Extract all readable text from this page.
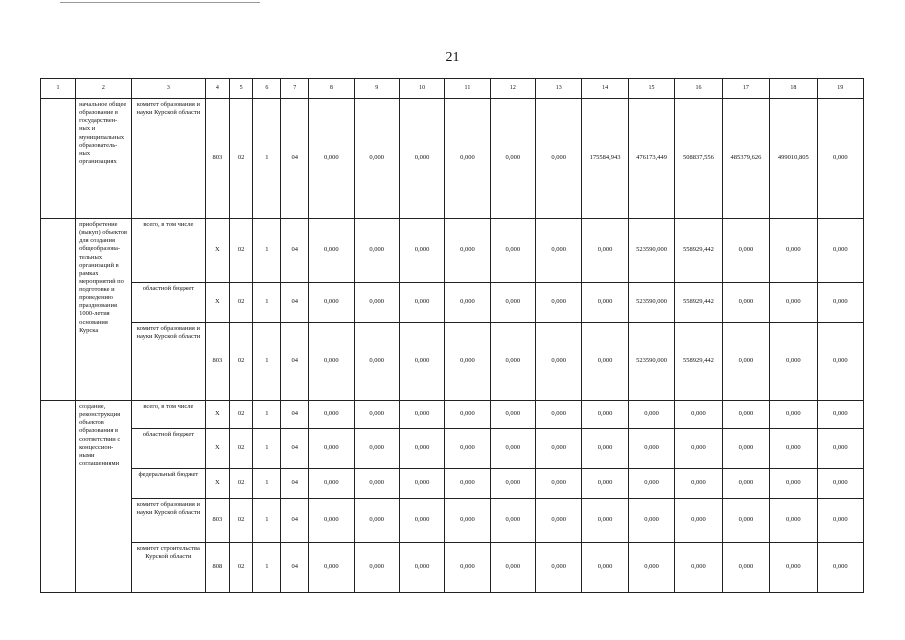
21
1	2	3	4	5	6	7	8	9	10	11	12	13	14	15	16	17	18	19
	начальное общее образование в государствен- ных и муниципальных образователь- ных организациях	комитет образования и науки Курской области	803	02	1	04	0,000	0,000	0,000	0,000	0,000	0,000	175584,943	476173,449	508837,556	485379,626	499010,805	0,000
	приобретение (выкуп) объектов для создания общеобразова- тельных организаций в рамках мероприятий по подготовке и проведению празднования 1000-летия основания Курска	всего, в том числе	X	02	1	04	0,000	0,000	0,000	0,000	0,000	0,000	0,000	523590,000	558929,442	0,000	0,000	0,000
		областной бюджет	X	02	1	04	0,000	0,000	0,000	0,000	0,000	0,000	0,000	523590,000	558929,442	0,000	0,000	0,000
		комитет образования и науки Курской области	803	02	1	04	0,000	0,000	0,000	0,000	0,000	0,000	0,000	523590,000	558929,442	0,000	0,000	0,000
	создание, реконструкция объектов образования в соответствии с концессион- ными соглашениями	всего, в том числе	X	02	1	04	0,000	0,000	0,000	0,000	0,000	0,000	0,000	0,000	0,000	0,000	0,000	0,000
		областной бюджет	X	02	1	04	0,000	0,000	0,000	0,000	0,000	0,000	0,000	0,000	0,000	0,000	0,000	0,000
		федеральный бюджет	X	02	1	04	0,000	0,000	0,000	0,000	0,000	0,000	0,000	0,000	0,000	0,000	0,000	0,000
		комитет образования и науки Курской области	803	02	1	04	0,000	0,000	0,000	0,000	0,000	0,000	0,000	0,000	0,000	0,000	0,000	0,000
		комитет строительства Курской области	808	02	1	04	0,000	0,000	0,000	0,000	0,000	0,000	0,000	0,000	0,000	0,000	0,000	0,000
